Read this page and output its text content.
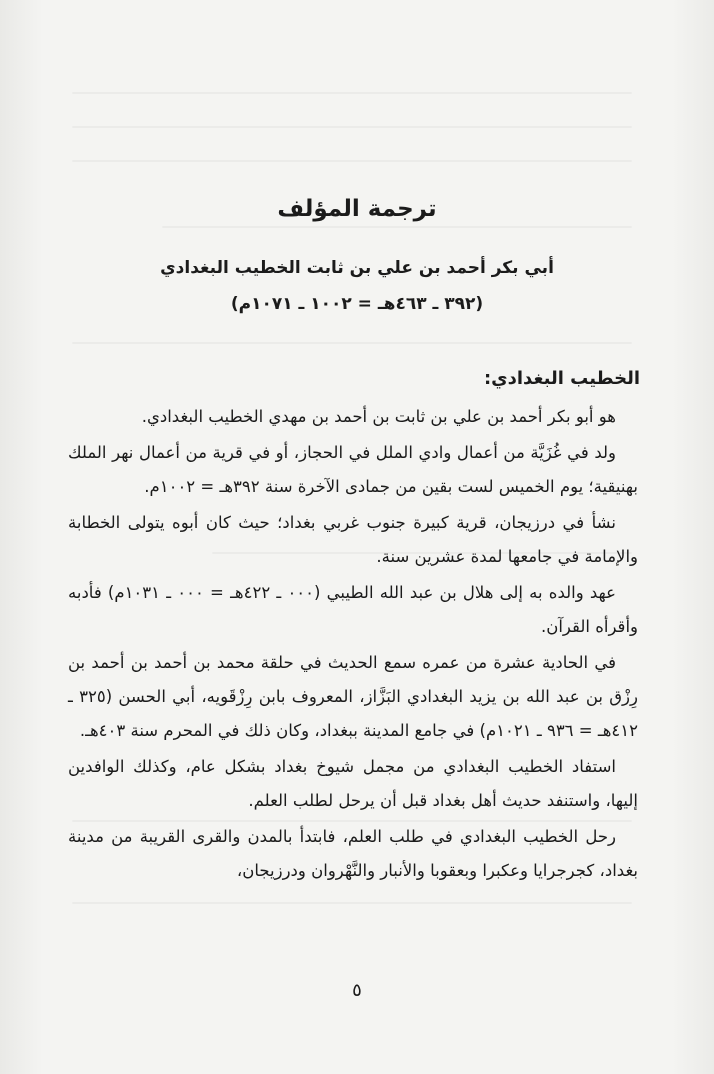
ترجمة المؤلف
أبي بكر أحمد بن علي بن ثابت الخطيب البغدادي
(٣٩٢ ـ ٤٦٣هـ = ١٠٠٢ ـ ١٠٧١م)
الخطيب البغدادي:

هو أبو بكر أحمد بن علي بن ثابت بن أحمد بن مهدي الخطيب البغدادي.

ولد في غُزَيَّة من أعمال وادي الملل في الحجاز، أو في قرية من أعمال نهر الملك بهنيقية؛ يوم الخميس لست بقين من جمادى الآخرة سنة ٣٩٢هـ = ١٠٠٢م.

نشأ في درزيجان، قرية كبيرة جنوب غربي بغداد؛ حيث كان أبوه يتولى الخطابة والإمامة في جامعها لمدة عشرين سنة.

عهد والده به إلى هلال بن عبد الله الطيبي (٠٠٠ ـ ٤٢٢هـ = ٠٠٠ ـ ١٠٣١م) فأدبه وأقرأه القرآن.

في الحادية عشرة من عمره سمع الحديث في حلقة محمد بن أحمد بن أحمد بن رِزْق بن عبد الله بن يزيد البغدادي البَزَّاز، المعروف بابن رِزْقَويه، أبي الحسن (٣٢٥ ـ ٤١٢هـ = ٩٣٦ ـ ١٠٢١م) في جامع المدينة ببغداد، وكان ذلك في المحرم سنة ٤٠٣هـ.

استفاد الخطيب البغدادي من مجمل شيوخ بغداد بشكل عام، وكذلك الوافدين إليها، واستنفد حديث أهل بغداد قبل أن يرحل لطلب العلم.

رحل الخطيب البغدادي في طلب العلم، فابتدأ بالمدن والقرى القريبة من مدينة بغداد، كجرجرايا وعكبرا وبعقوبا والأنبار والنَّهْروان ودرزيجان،

٥
